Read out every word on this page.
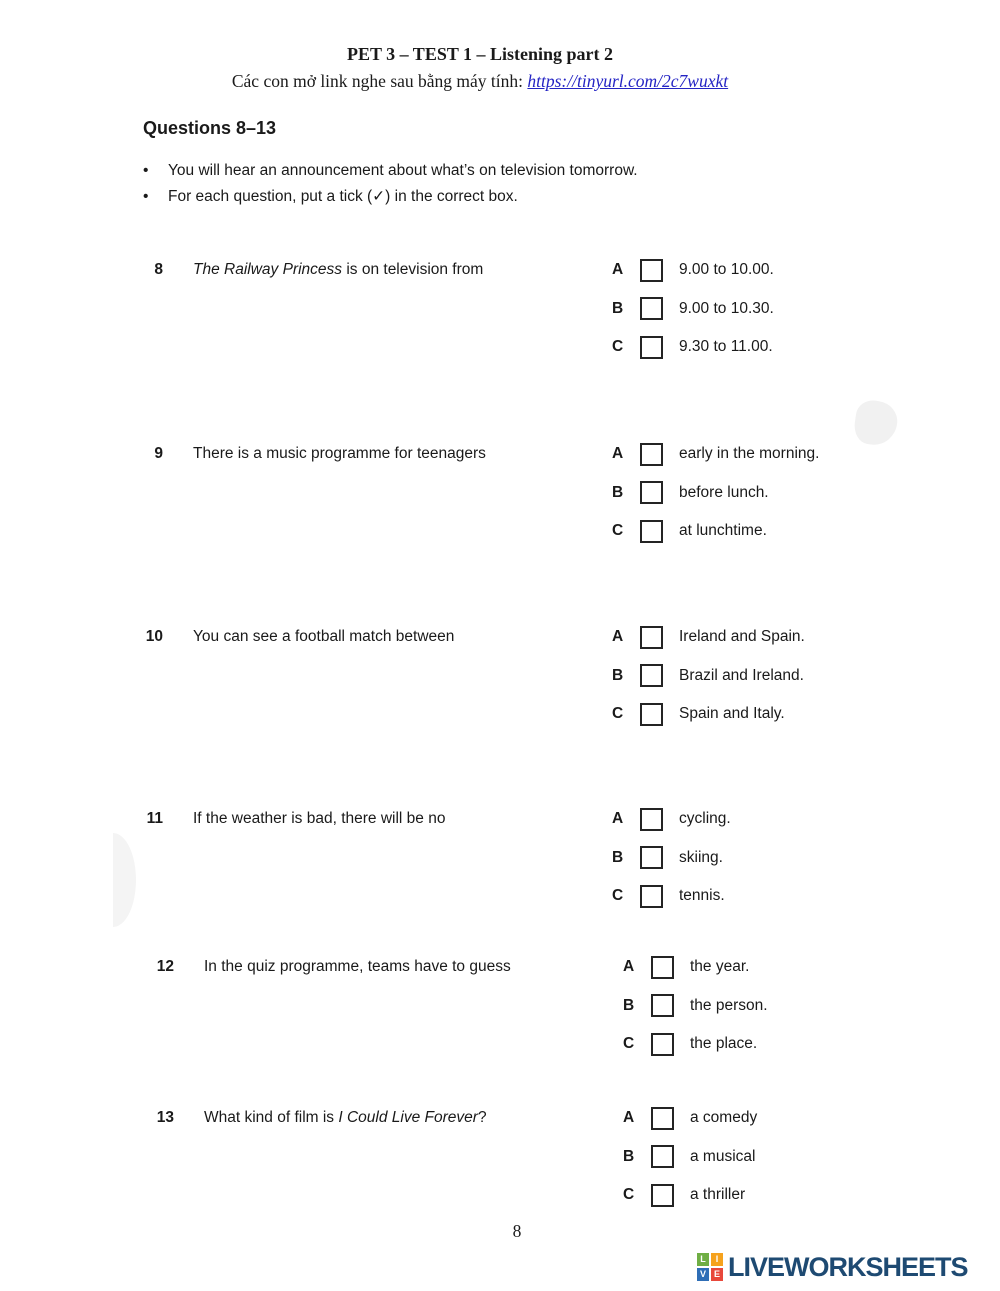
PET 3 – TEST 1 – Listening part 2
Các con mở link nghe sau bằng máy tính: https://tinyurl.com/2c7wuxkt
Questions 8–13
•	You will hear an announcement about what’s on television tomorrow.
•	For each question, put a tick (✓) in the correct box.
8 The Railway Princess is on television from	A	9.00 to 10.00.
B	9.00 to 10.30.
C	9.30 to 11.00.
9 There is a music programme for teenagers	A	early in the morning.
B	before lunch.
C	at lunchtime.
10 You can see a football match between	A	Ireland and Spain.
B	Brazil and Ireland.
C	Spain and Italy.
11 If the weather is bad, there will be no	A	cycling.
B	skiing.
C	tennis.
12 In the quiz programme, teams have to guess	A	the year.
B	the person.
C	the place.
13 What kind of film is I Could Live Forever?	A	a comedy
B	a musical
C	a thriller
8
L	I
V E LIVEWORKSHEETS
